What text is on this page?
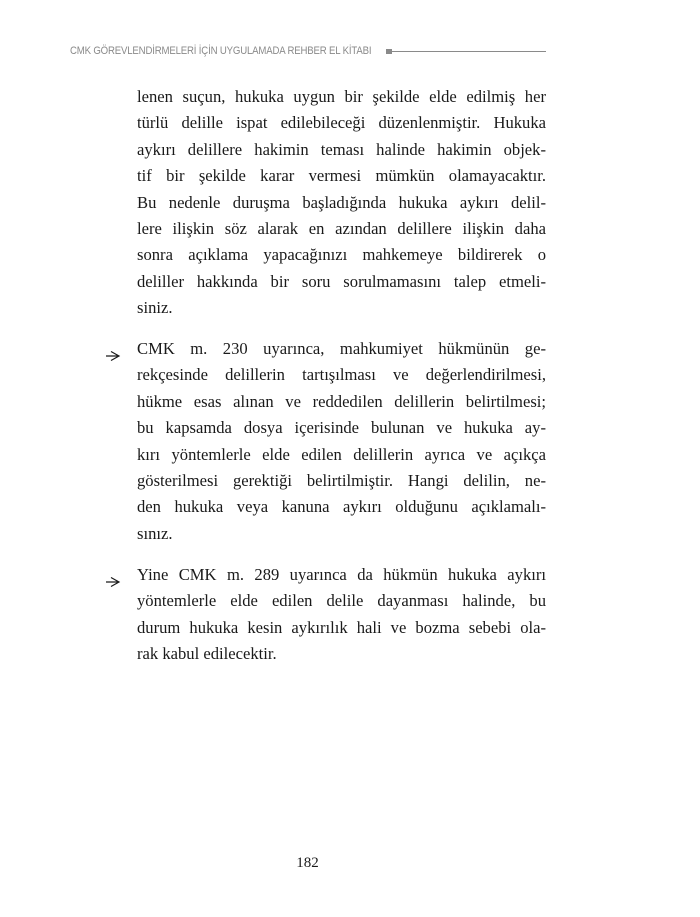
CMK GÖREVLENDİRMELERİ İÇİN UYGULAMADA REHBER EL KİTABI
lenen suçun, hukuka uygun bir şekilde elde edilmiş her
türlü delille ispat edilebileceği düzenlenmiştir. Hukuka
aykırı delillere hakimin teması halinde hakimin objek-
tif bir şekilde karar vermesi mümkün olamayacaktır.
Bu nedenle duruşma başladığında hukuka aykırı delil-
lere ilişkin söz alarak en azından delillere ilişkin daha
sonra açıklama yapacağınızı mahkemeye bildirerek o
deliller hakkında bir soru sorulmamasını talep etmeli-
siniz.
CMK m. 230 uyarınca, mahkumiyet hükmünün ge-
rekçesinde delillerin tartışılması ve değerlendirilmesi,
hükme esas alınan ve reddedilen delillerin belirtilmesi;
bu kapsamda dosya içerisinde bulunan ve hukuka ay-
kırı yöntemlerle elde edilen delillerin ayrıca ve açıkça
gösterilmesi gerektiği belirtilmiştir. Hangi delilin, ne-
den hukuka veya kanuna aykırı olduğunu açıklamalı-
sınız.
Yine CMK m. 289 uyarınca da hükmün hukuka aykırı
yöntemlerle elde edilen delile dayanması halinde, bu
durum hukuka kesin aykırılık hali ve bozma sebebi ola-
rak kabul edilecektir.
182
